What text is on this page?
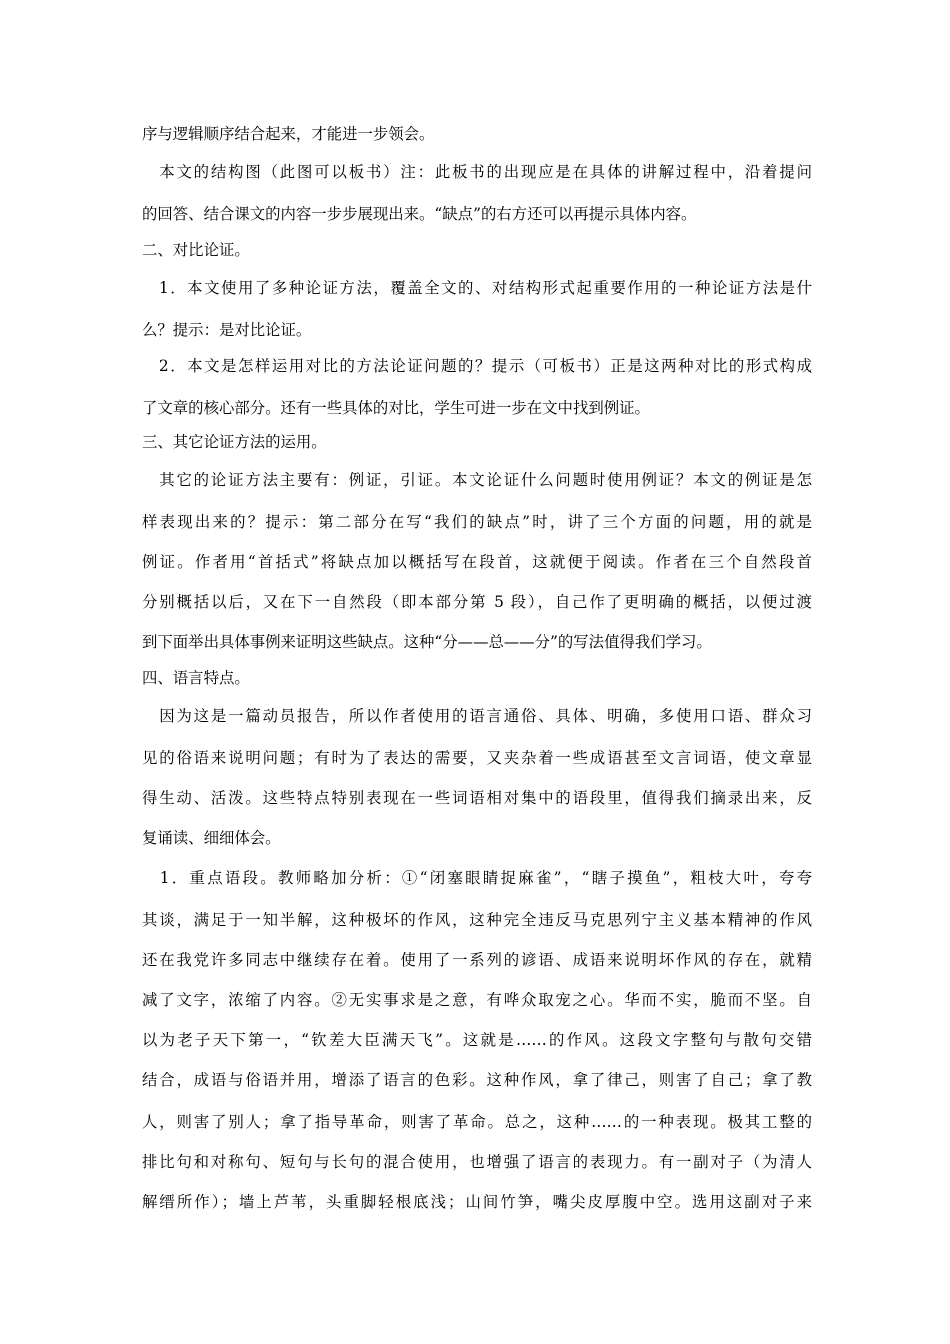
序与逻辑顺序结合起来，才能进一步领会。
　本文的结构图（此图可以板书）注：此板书的出现应是在具体的讲解过程中，沿着提问
的回答、结合课文的内容一步步展现出来。“缺点”的右方还可以再提示具体内容。
二、对比论证。
　1．本文使用了多种论证方法，覆盖全文的、对结构形式起重要作用的一种论证方法是什
么？提示：是对比论证。
　2．本文是怎样运用对比的方法论证问题的？提示（可板书）正是这两种对比的形式构成
了文章的核心部分。还有一些具体的对比，学生可进一步在文中找到例证。
三、其它论证方法的运用。
　其它的论证方法主要有：例证，引证。本文论证什么问题时使用例证？本文的例证是怎
样表现出来的？提示：第二部分在写“我们的缺点”时，讲了三个方面的问题，用的就是
例证。作者用“首括式”将缺点加以概括写在段首，这就便于阅读。作者在三个自然段首
分别概括以后，又在下一自然段（即本部分第 5 段），自己作了更明确的概括，以便过渡
到下面举出具体事例来证明这些缺点。这种“分——总——分”的写法值得我们学习。
四、语言特点。
　因为这是一篇动员报告，所以作者使用的语言通俗、具体、明确，多使用口语、群众习
见的俗语来说明问题；有时为了表达的需要，又夹杂着一些成语甚至文言词语，使文章显
得生动、活泼。这些特点特别表现在一些词语相对集中的语段里，值得我们摘录出来，反
复诵读、细细体会。
　1．重点语段。教师略加分析：①“闭塞眼睛捉麻雀”，“瞎子摸鱼”，粗枝大叶，夸夸
其谈，满足于一知半解，这种极坏的作风，这种完全违反马克思列宁主义基本精神的作风
还在我党许多同志中继续存在着。使用了一系列的谚语、成语来说明坏作风的存在，就精
减了文字，浓缩了内容。②无实事求是之意，有哗众取宠之心。华而不实，脆而不坚。自
以为老子天下第一，“钦差大臣满天飞”。这就是……的作风。这段文字整句与散句交错
结合，成语与俗语并用，增添了语言的色彩。这种作风，拿了律己，则害了自己；拿了教
人，则害了别人；拿了指导革命，则害了革命。总之，这种……的一种表现。极其工整的
排比句和对称句、短句与长句的混合使用，也增强了语言的表现力。有一副对子（为清人
解缙所作）；墙上芦苇，头重脚轻根底浅；山间竹笋，嘴尖皮厚腹中空。选用这副对子来
